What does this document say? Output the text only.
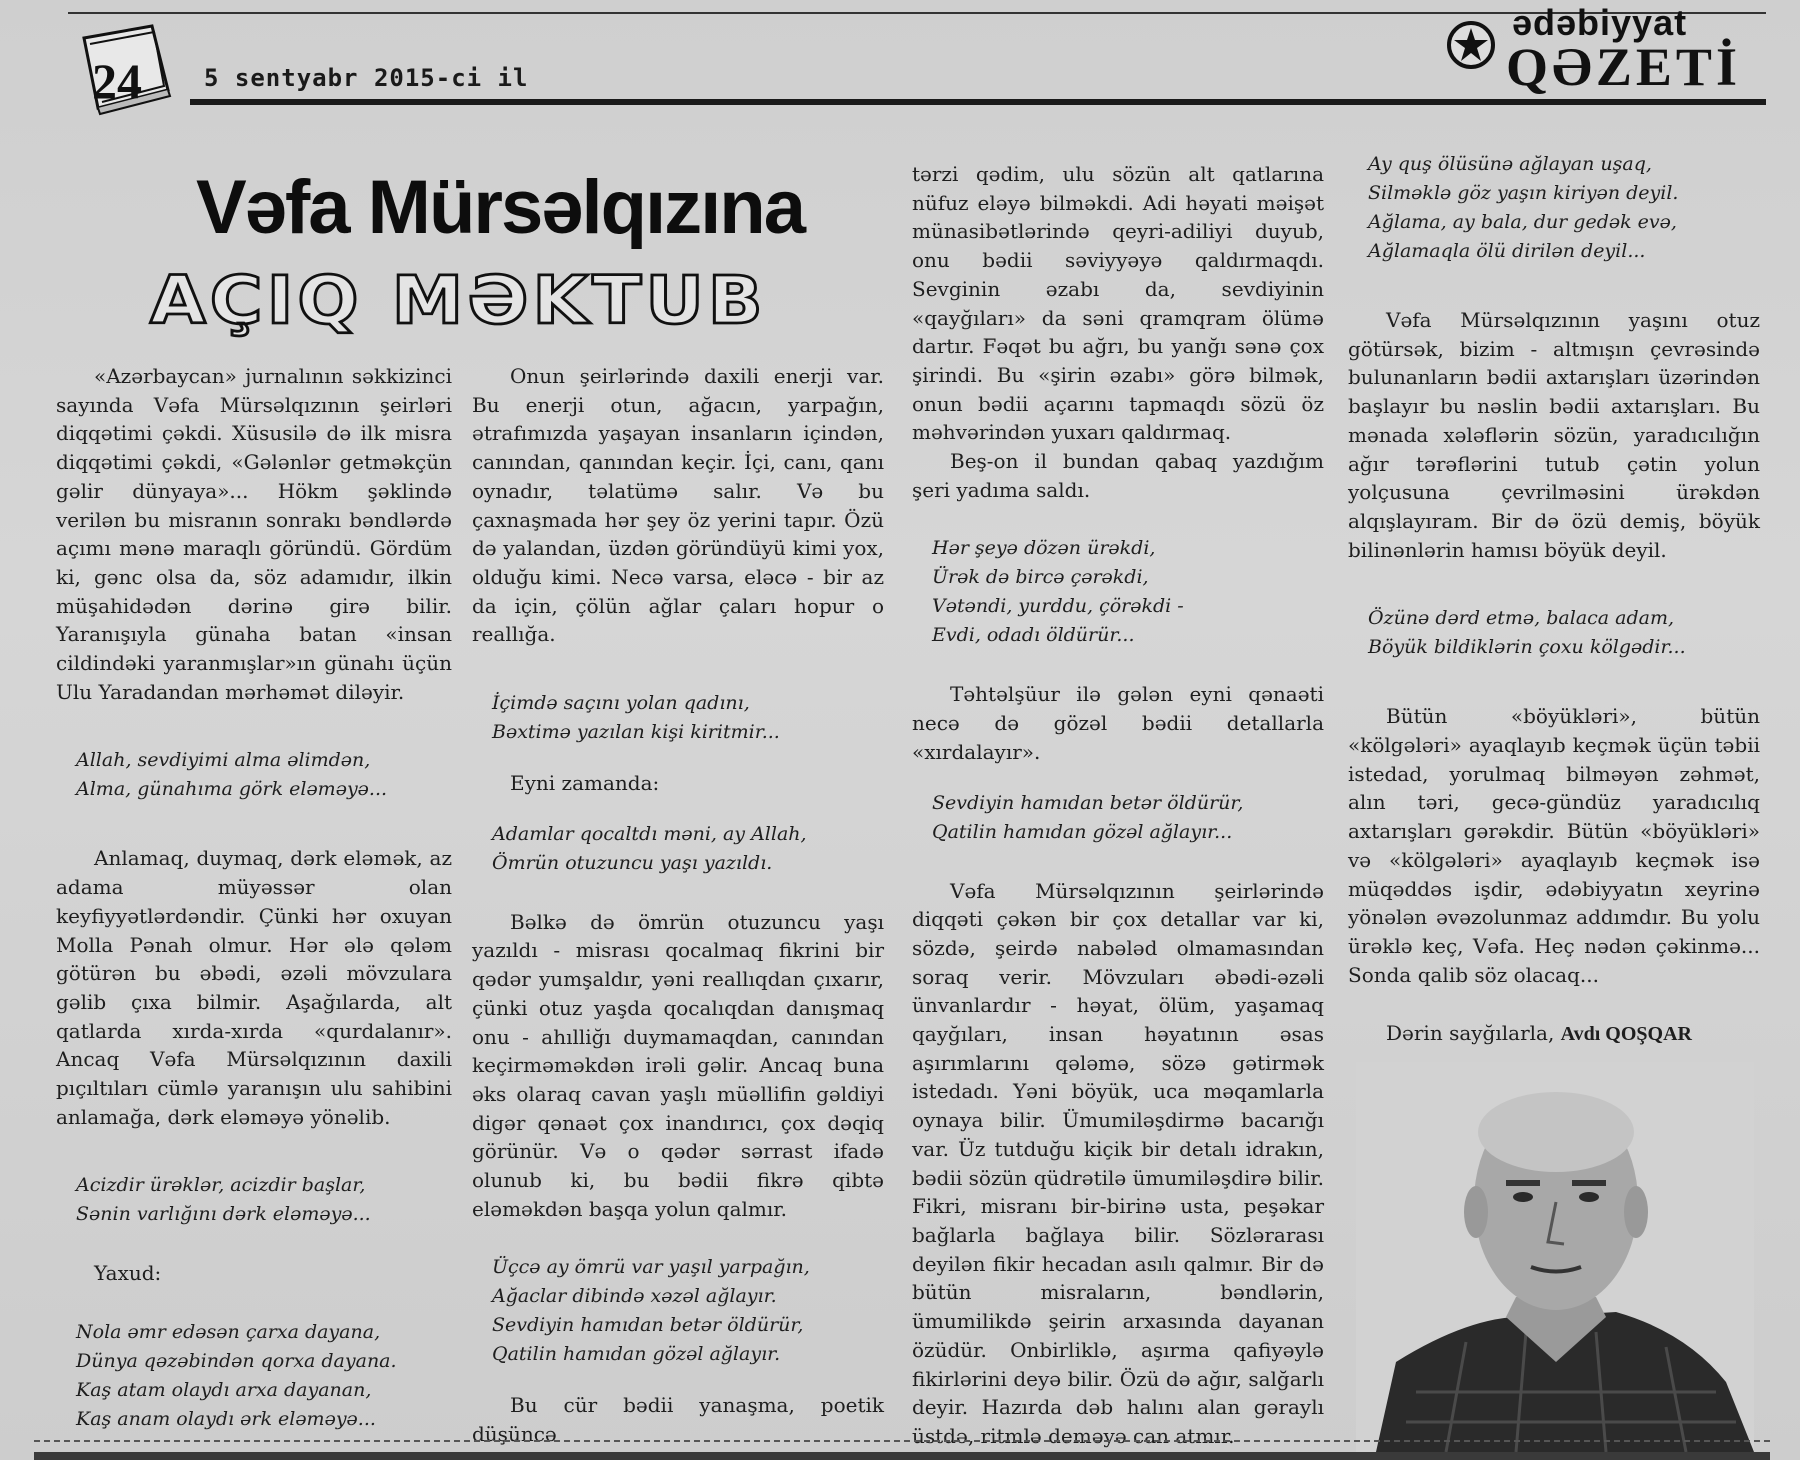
24	5 sentyabr 2015-ci il
ədəbiyyat
QƏZETİ
Vəfa Mürsəlqızına
AÇIQ MƏKTUB

«Azərbaycan» jurnalının səkkizinci sayında Vəfa Mürsəlqızının şeirləri diqqətimi çəkdi. Xüsusilə də ilk misra diqqətimi çəkdi, «Gələnlər getməkçün gəlir dünyaya»... Hökm şəklində verilən bu misranın sonrakı bəndlərdə açımı mənə maraqlı göründü. Gördüm ki, gənc olsa da, söz adamıdır, ilkin müşahidədən dərinə girə bilir. Yaranışıyla günaha batan «insan cildindəki yaranmışlar»ın günahı üçün Ulu Yaradandan mərhəmət diləyir.

Allah, sevdiyimi alma əlimdən,
Alma, günahıma görk eləməyə...

Anlamaq, duymaq, dərk eləmək, az adama müyəssər olan keyfiyyətlərdəndir. Çünki hər oxuyan Molla Pənah olmur. Hər ələ qələm götürən bu əbədi, əzəli mövzulara gəlib çıxa bilmir. Aşağılarda, alt qatlarda xırda-xırda «qurdalanır». Ancaq Vəfa Mürsəlqızının daxili pıçıltıları cümlə yaranışın ulu sahibini anlamağa, dərk eləməyə yönəlib.

Acizdir ürəklər, acizdir başlar,
Sənin varlığını dərk eləməyə...

Yaxud:

Nola əmr edəsən çarxa dayana,
Dünya qəzəbindən qorxa dayana.
Kaş atam olaydı arxa dayanan,
Kaş anam olaydı ərk eləməyə...

Onun şeirlərində daxili enerji var. Bu enerji otun, ağacın, yarpağın, ətrafımızda yaşayan insanların içindən, canından, qanından keçir. İçi, canı, qanı oynadır, təlatümə salır. Və bu çaxnaşmada hər şey öz yerini tapır. Özü də yalandan, üzdən göründüyü kimi yox, olduğu kimi. Necə varsa, eləcə - bir az da için, çölün ağlar çaları hopur o reallığa.

İçimdə saçını yolan qadını,
Bəxtimə yazılan kişi kiritmir...

Eyni zamanda:

Adamlar qocaltdı məni, ay Allah,
Ömrün otuzuncu yaşı yazıldı.

Bəlkə də ömrün otuzuncu yaşı yazıldı - misrası qocalmaq fikrini bir qədər yumşaldır, yəni reallıqdan çıxarır, çünki otuz yaşda qocalıqdan danışmaq onu - ahılliğı duymamaqdan, canından keçirməməkdən irəli gəlir. Ancaq buna əks olaraq cavan yaşlı müəllifin gəldiyi digər qənaət çox inandırıcı, çox dəqiq görünür. Və o qədər sərrast ifadə olunub ki, bu bədii fikrə qibtə eləməkdən başqa yolun qalmır.

Üçcə ay ömrü var yaşıl yarpağın,
Ağaclar dibində xəzəl ağlayır.
Sevdiyin hamıdan betər öldürür,
Qatilin hamıdan gözəl ağlayır.

Bu cür bədii yanaşma, poetik düşüncə

tərzi qədim, ulu sözün alt qatlarına nüfuz eləyə bilməkdi. Adi həyati məişət münasibətlərində qeyri-adiliyi duyub, onu bədii səviyyəyə qaldırmaqdı. Sevginin əzabı da, sevdiyinin «qayğıları» da səni qramqram ölümə dartır. Fəqət bu ağrı, bu yanğı sənə çox şirindi. Bu «şirin əzabı» görə bilmək, onun bədii açarını tapmaqdı sözü öz məhvərindən yuxarı qaldırmaq.

Beş-on il bundan qabaq yazdığım şeri yadıma saldı.

Hər şeyə dözən ürəkdi,
Ürək də bircə çərəkdi,
Vətəndi, yurddu, çörəkdi -
Evdi, odadı öldürür...

Təhtəlşüur ilə gələn eyni qənaəti necə də gözəl bədii detallarla «xırdalayır».

Sevdiyin hamıdan betər öldürür,
Qatilin hamıdan gözəl ağlayır...

Vəfa Mürsəlqızının şeirlərində diqqəti çəkən bir çox detallar var ki, sözdə, şeirdə nabələd olmamasından soraq verir. Mövzuları əbədi-əzəli ünvanlardır - həyat, ölüm, yaşamaq qayğıları, insan həyatının əsas aşırımlarını qələmə, sözə gətirmək istedadı. Yəni böyük, uca məqamlarla oynaya bilir. Ümumiləşdirmə bacarığı var. Üz tutduğu kiçik bir detalı idrakın, bədii sözün qüdrətilə ümumiləşdirə bilir. Fikri, misranı bir-birinə usta, peşəkar bağlarla bağlaya bilir. Sözlərarası deyilən fikir hecadan asılı qalmır. Bir də bütün misraların, bəndlərin, ümumilikdə şeirin arxasında dayanan özüdür. Onbirliklə, aşırma qafiyəylə fikirlərini deyə bilir. Özü də ağır, salğarlı deyir. Hazırda dəb halını alan gəraylı üstdə, ritmlə deməyə can atmır.

Ay quş ölüsünə ağlayan uşaq,
Silməklə göz yaşın kiriyən deyil.
Ağlama, ay bala, dur gedək evə,
Ağlamaqla ölü dirilən deyil...

Vəfa Mürsəlqızının yaşını otuz götürsək, bizim - altmışın çevrəsində bulunanların bədii axtarışları üzərindən başlayır bu nəslin bədii axtarışları. Bu mənada xələflərin sözün, yaradıcılığın ağır tərəflərini tutub çətin yolun yolçusuna çevrilməsini ürəkdən alqışlayıram. Bir də özü demiş, böyük bilinənlərin hamısı böyük deyil.

Özünə dərd etmə, balaca adam,
Böyük bildiklərin çoxu kölgədir...

Bütün «böyükləri», bütün «kölgələri» ayaqlayıb keçmək üçün təbii istedad, yorulmaq bilməyən zəhmət, alın təri, gecə-gündüz yaradıcılıq axtarışları gərəkdir. Bütün «böyükləri» və «kölgələri» ayaqlayıb keçmək isə müqəddəs işdir, ədəbiyyatın xeyrinə yönələn əvəzolunmaz addımdır. Bu yolu ürəklə keç, Vəfa. Heç nədən çəkinmə... Sonda qalib söz olacaq...

Dərin sayğılarla, Avdı QOŞQAR
